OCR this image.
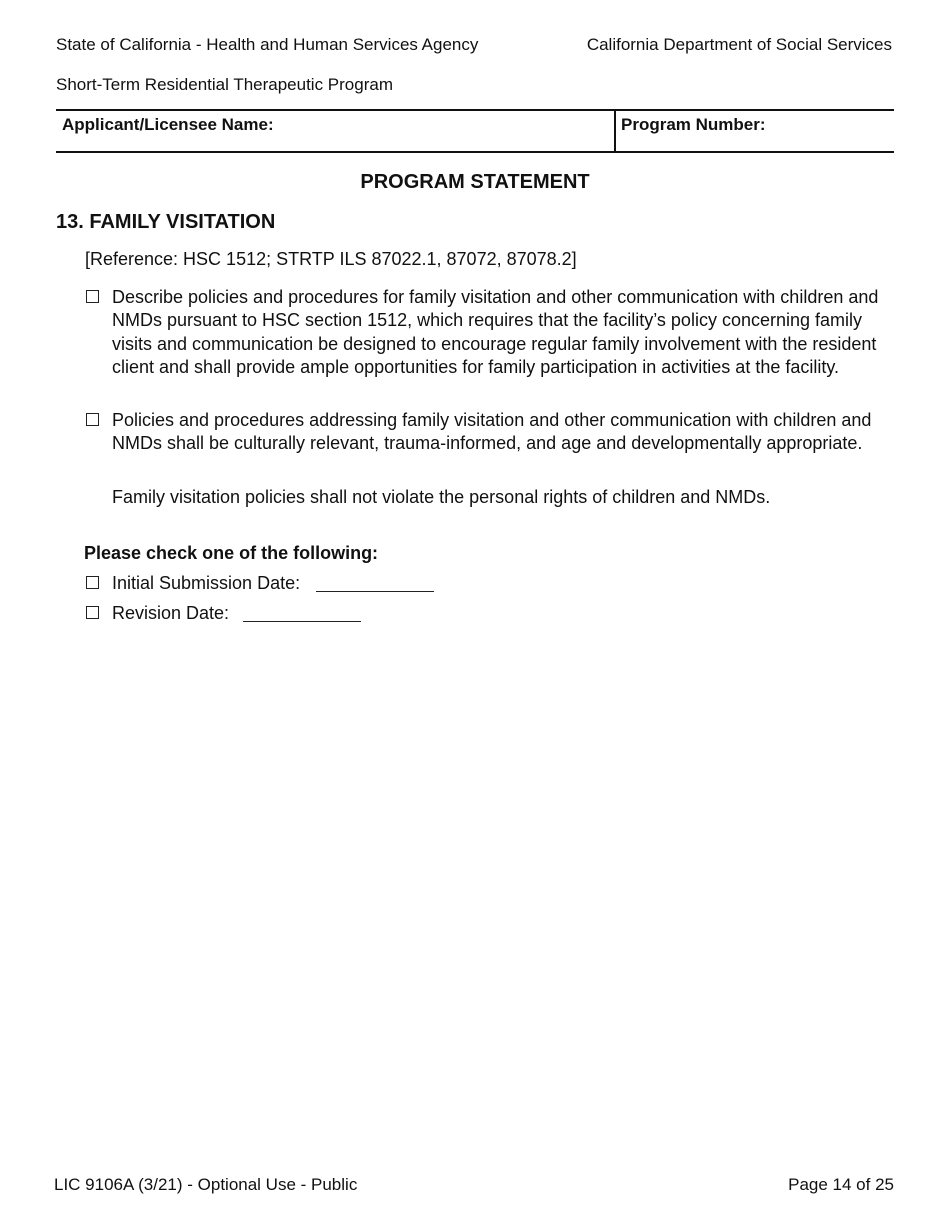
State of California - Health and Human Services Agency	California Department of Social Services
Short-Term Residential Therapeutic Program
Applicant/Licensee Name:	Program Number:
PROGRAM STATEMENT
13. FAMILY VISITATION
[Reference: HSC 1512; STRTP ILS 87022.1, 87072, 87078.2]
Describe policies and procedures for family visitation and other communication with children and NMDs pursuant to HSC section 1512, which requires that the facility’s policy concerning family visits and communication be designed to encourage regular family involvement with the resident client and shall provide ample opportunities for family participation in activities at the facility.
Policies and procedures addressing family visitation and other communication with children and NMDs shall be culturally relevant, trauma-informed, and age and developmentally appropriate.
Family visitation policies shall not violate the personal rights of children and NMDs.
Please check one of the following:
Initial Submission Date:
Revision Date:
LIC 9106A (3/21) - Optional Use - Public	Page 14 of 25
